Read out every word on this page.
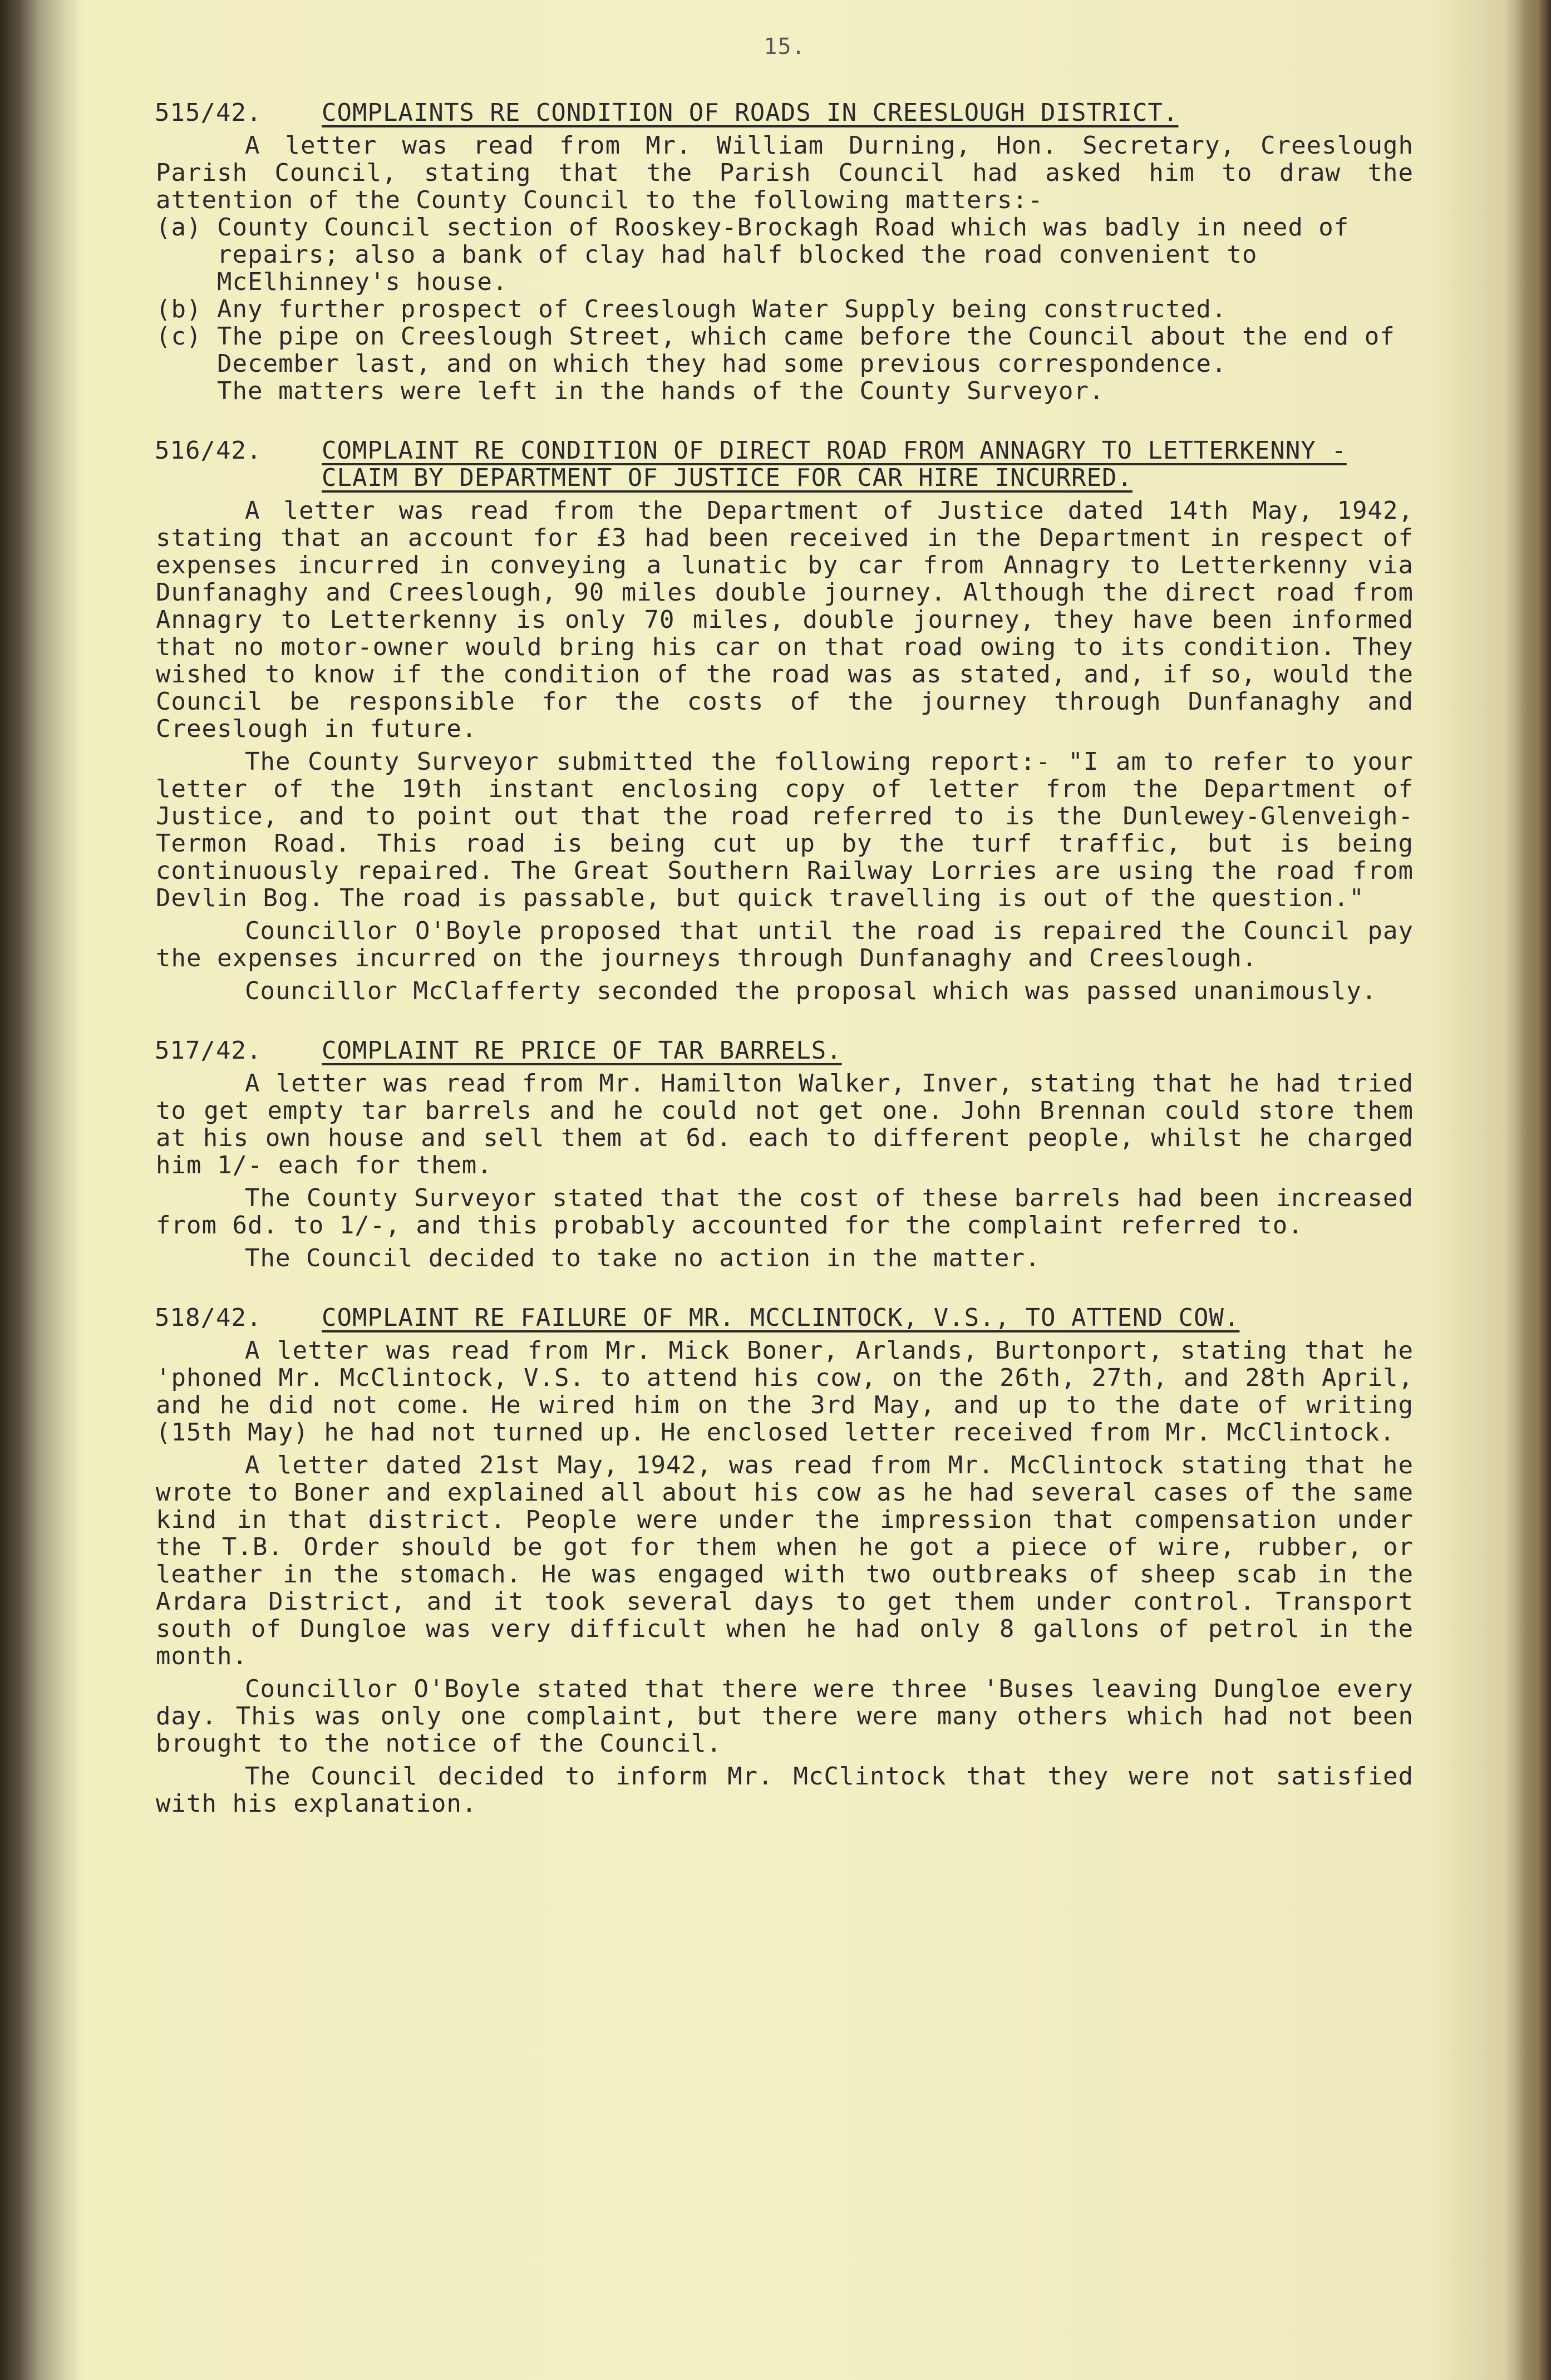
15.
515/42.	COMPLAINTS RE CONDITION OF ROADS IN CREESLOUGH DISTRICT.

A letter was read from Mr. William Durning, Hon. Secretary, Creeslough Parish Council, stating that the Parish Council had asked him to draw the attention of the County Council to the following matters:-

(a) County Council section of Rooskey-Brockagh Road which was badly in need of repairs; also a bank of clay had half blocked the road convenient to McElhinney's house.
(b) Any further prospect of Creeslough Water Supply being constructed.
(c) The pipe on Creeslough Street, which came before the Council about the end of December last, and on which they had some previous correspondence.
The matters were left in the hands of the County Surveyor.
516/42.	COMPLAINT RE CONDITION OF DIRECT ROAD FROM ANNAGRY TO LETTERKENNY - CLAIM BY DEPARTMENT OF JUSTICE FOR CAR HIRE INCURRED.

A letter was read from the Department of Justice dated 14th May, 1942, stating that an account for £3 had been received in the Department in respect of expenses incurred in conveying a lunatic by car from Annagry to Letterkenny via Dunfanaghy and Creeslough, 90 miles double journey. Although the direct road from Annagry to Letterkenny is only 70 miles, double journey, they have been informed that no motor-owner would bring his car on that road owing to its condition. They wished to know if the condition of the road was as stated, and, if so, would the Council be responsible for the costs of the journey through Dunfanaghy and Creeslough in future.

The County Surveyor submitted the following report:- "I am to refer to your letter of the 19th instant enclosing copy of letter from the Department of Justice, and to point out that the road referred to is the Dunlewey-Glenveigh-Termon Road. This road is being cut up by the turf traffic, but is being continuously repaired. The Great Southern Railway Lorries are using the road from Devlin Bog. The road is passable, but quick travelling is out of the question."

Councillor O'Boyle proposed that until the road is repaired the Council pay the expenses incurred on the journeys through Dunfanaghy and Creeslough.

Councillor McClafferty seconded the proposal which was passed unanimously.

517/42.	COMPLAINT RE PRICE OF TAR BARRELS.

A letter was read from Mr. Hamilton Walker, Inver, stating that he had tried to get empty tar barrels and he could not get one. John Brennan could store them at his own house and sell them at 6d. each to different people, whilst he charged him 1/- each for them.

The County Surveyor stated that the cost of these barrels had been increased from 6d. to 1/-, and this probably accounted for the complaint referred to.

The Council decided to take no action in the matter.

518/42.	COMPLAINT RE FAILURE OF MR. MCCLINTOCK, V.S., TO ATTEND COW.

A letter was read from Mr. Mick Boner, Arlands, Burtonport, stating that he 'phoned Mr. McClintock, V.S. to attend his cow, on the 26th, 27th, and 28th April, and he did not come. He wired him on the 3rd May, and up to the date of writing (15th May) he had not turned up. He enclosed letter received from Mr. McClintock.

A letter dated 21st May, 1942, was read from Mr. McClintock stating that he wrote to Boner and explained all about his cow as he had several cases of the same kind in that district. People were under the impression that compensation under the T.B. Order should be got for them when he got a piece of wire, rubber, or leather in the stomach. He was engaged with two outbreaks of sheep scab in the Ardara District, and it took several days to get them under control. Transport south of Dungloe was very difficult when he had only 8 gallons of petrol in the month.

Councillor O'Boyle stated that there were three 'Buses leaving Dungloe every day. This was only one complaint, but there were many others which had not been brought to the notice of the Council.

The Council decided to inform Mr. McClintock that they were not satisfied with his explanation.
